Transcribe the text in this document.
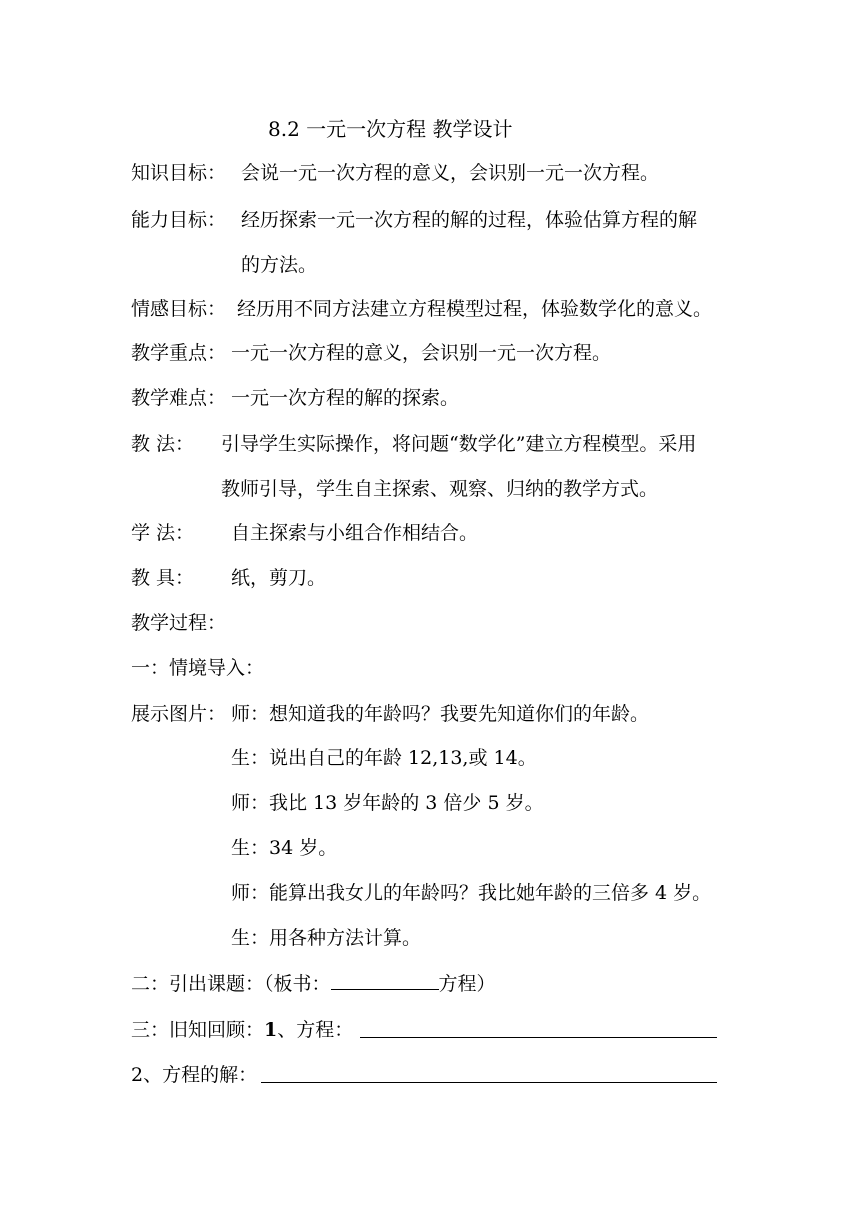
8.2 一元一次方程 教学设计
知识目标： 会说一元一次方程的意义，会识别一元一次方程。
能力目标： 经历探索一元一次方程的解的过程，体验估算方程的解
的方法。
情感目标： 经历用不同方法建立方程模型过程，体验数学化的意义。
教学重点： 一元一次方程的意义，会识别一元一次方程。
教学难点： 一元一次方程的解的探索。
教 法： 引导学生实际操作，将问题“数学化”建立方程模型。采用
教师引导，学生自主探索、观察、归纳的教学方式。
学 法： 自主探索与小组合作相结合。
教 具： 纸，剪刀。
教学过程：
一：情境导入：
展示图片： 师：想知道我的年龄吗？我要先知道你们的年龄。
生：说出自己的年龄 12,13,或 14。
师：我比 13 岁年龄的 3 倍少 5 岁。
生：34 岁。
师：能算出我女儿的年龄吗？我比她年龄的三倍多 4 岁。
生：用各种方法计算。
二：引出课题：（板书：	方程）
三：旧知回顾：1、方程：
2、方程的解：
